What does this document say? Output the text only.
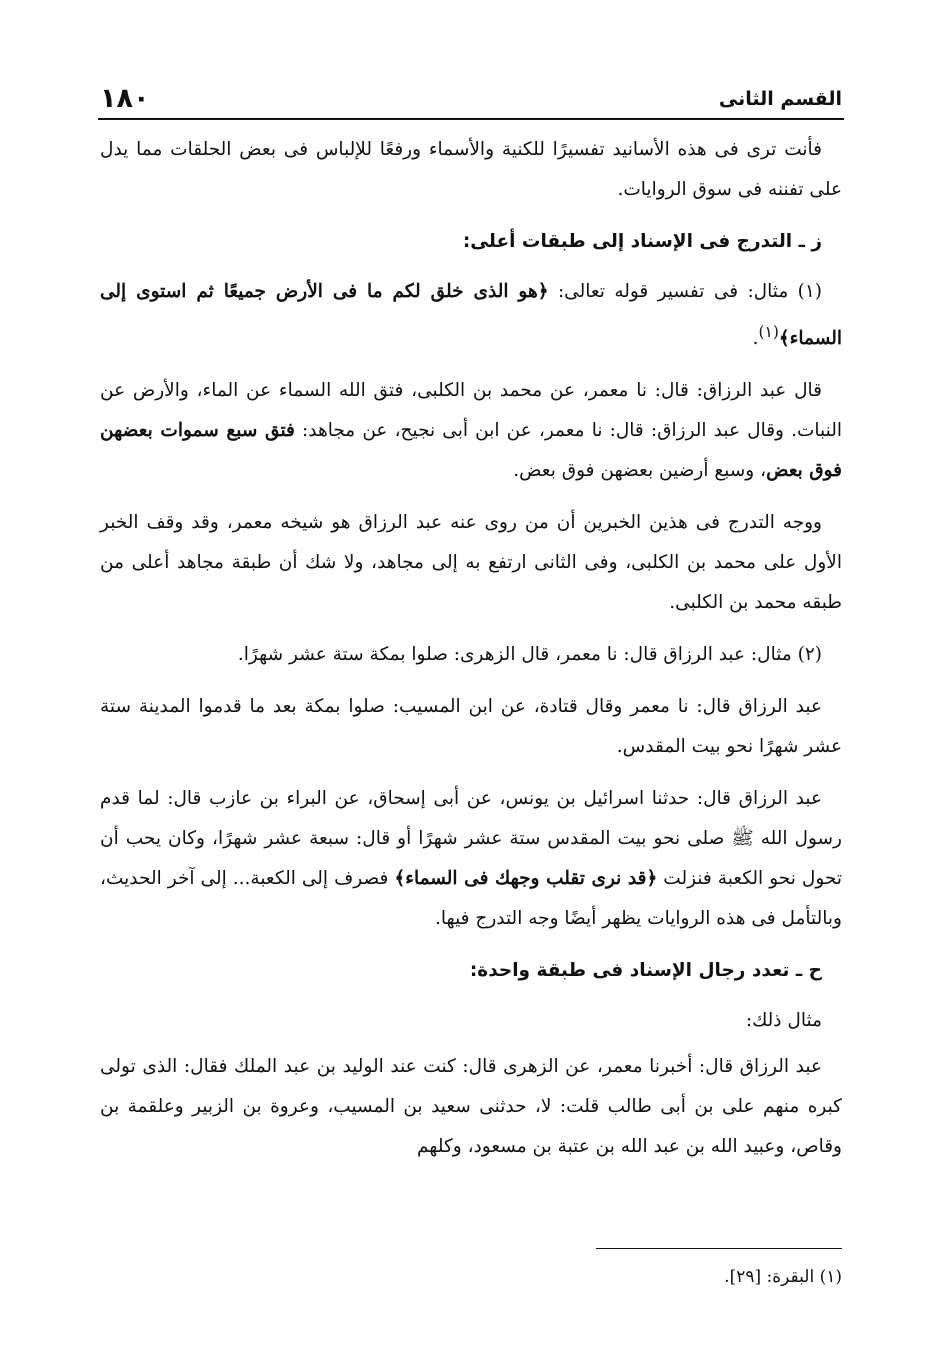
١٨٠	القسم الثانى

فأنت ترى فى هذه الأسانيد تفسيرًا للكنية والأسماء ورفعًا للإلباس فى بعض الحلقات مما يدل على تفننه فى سوق الروايات.

ز ـ التدرج فى الإسناد إلى طبقات أعلى:

(١) مثال: فى تفسير قوله تعالى: ﴿هو الذى خلق لكم ما فى الأرض جميعًا ثم استوى إلى السماء﴾$^{(١)}$.

قال عبد الرزاق: قال: نا معمر، عن محمد بن الكلبى، فتق الله السماء عن الماء، والأرض عن النبات. وقال عبد الرزاق: قال: نا معمر، عن ابن أبى نجيح، عن مجاهد: فتق سبع سموات بعضهن فوق بعض، وسبع أرضين بعضهن فوق بعض.

ووجه التدرج فى هذين الخبرين أن من روى عنه عبد الرزاق هو شيخه معمر، وقد وقف الخبر الأول على محمد بن الكلبى، وفى الثانى ارتفع به إلى مجاهد، ولا شك أن طبقة مجاهد أعلى من طبقه محمد بن الكلبى.

(٢) مثال: عبد الرزاق قال: نا معمر، قال الزهرى: صلوا بمكة ستة عشر شهرًا.

عبد الرزاق قال: نا معمر وقال قتادة، عن ابن المسيب: صلوا بمكة بعد ما قدموا المدينة ستة عشر شهرًا نحو بيت المقدس.

عبد الرزاق قال: حدثنا اسرائيل بن يونس، عن أبى إسحاق، عن البراء بن عازب قال: لما قدم رسول الله ﷺ صلى نحو بيت المقدس ستة عشر شهرًا أو قال: سبعة عشر شهرًا، وكان يحب أن تحول نحو الكعبة فنزلت ﴿قد نرى تقلب وجهك فى السماء﴾ فصرف إلى الكعبة... إلى آخر الحديث، وبالتأمل فى هذه الروايات يظهر أيضًا وجه التدرج فيها.

ح ـ تعدد رجال الإسناد فى طبقة واحدة:

مثال ذلك:

عبد الرزاق قال: أخبرنا معمر، عن الزهرى قال: كنت عند الوليد بن عبد الملك فقال: الذى تولى كبره منهم على بن أبى طالب قلت: لا، حدثنى سعيد بن المسيب، وعروة بن الزبير وعلقمة بن وقاص، وعبيد الله بن عبد الله بن عتبة بن مسعود، وكلهم

(١) البقرة: [٢٩].
